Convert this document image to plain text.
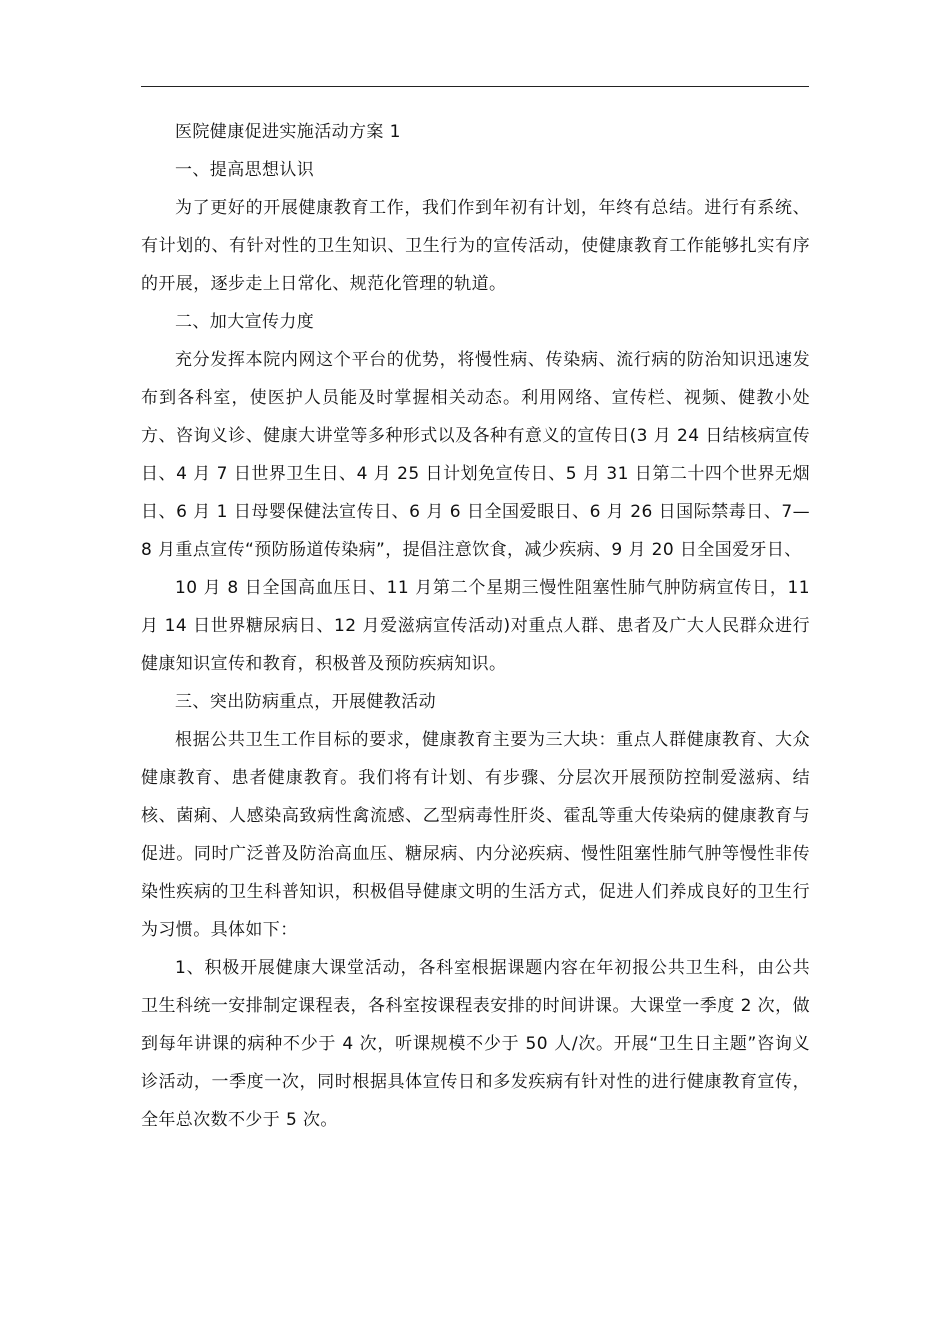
医院健康促进实施活动方案 1

一、提高思想认识

为了更好的开展健康教育工作，我们作到年初有计划，年终有总结。进行有系统、有计划的、有针对性的卫生知识、卫生行为的宣传活动，使健康教育工作能够扎实有序的开展，逐步走上日常化、规范化管理的轨道。

二、加大宣传力度

充分发挥本院内网这个平台的优势，将慢性病、传染病、流行病的防治知识迅速发布到各科室，使医护人员能及时掌握相关动态。利用网络、宣传栏、视频、健教小处方、咨询义诊、健康大讲堂等多种形式以及各种有意义的宣传日(3 月 24 日结核病宣传日、4 月 7 日世界卫生日、4 月 25 日计划免宣传日、5 月 31 日第二十四个世界无烟日、6 月 1 日母婴保健法宣传日、6 月 6 日全国爱眼日、6 月 26 日国际禁毒日、7—8 月重点宣传“预防肠道传染病”，提倡注意饮食，减少疾病、9 月 20 日全国爱牙日、

10 月 8 日全国高血压日、11 月第二个星期三慢性阻塞性肺气肿防病宣传日，11 月 14 日世界糖尿病日、12 月爱滋病宣传活动)对重点人群、患者及广大人民群众进行健康知识宣传和教育，积极普及预防疾病知识。

三、突出防病重点，开展健教活动

根据公共卫生工作目标的要求，健康教育主要为三大块：重点人群健康教育、大众健康教育、患者健康教育。我们将有计划、有步骤、分层次开展预防控制爱滋病、结核、菌痢、人感染高致病性禽流感、乙型病毒性肝炎、霍乱等重大传染病的健康教育与促进。同时广泛普及防治高血压、糖尿病、内分泌疾病、慢性阻塞性肺气肿等慢性非传染性疾病的卫生科普知识，积极倡导健康文明的生活方式，促进人们养成良好的卫生行为习惯。具体如下：

1、积极开展健康大课堂活动，各科室根据课题内容在年初报公共卫生科，由公共卫生科统一安排制定课程表，各科室按课程表安排的时间讲课。大课堂一季度 2 次，做到每年讲课的病种不少于 4 次，听课规模不少于 50 人/次。开展“卫生日主题”咨询义诊活动，一季度一次，同时根据具体宣传日和多发疾病有针对性的进行健康教育宣传，全年总次数不少于 5 次。
